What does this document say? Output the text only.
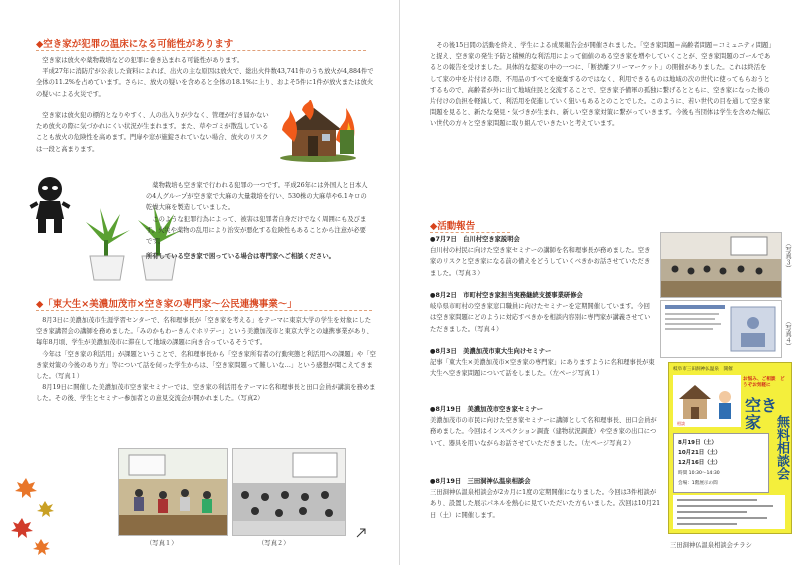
◆空き家が犯罪の温床になる可能性があります

空き家は放火や薬物栽培などの犯罪に巻き込まれる可能性があります。

平成27年に消防庁が公表した資料によれば、出火の主な原因は放火で、総出火件数43,741件のうち放火が4,884件で全体の11.2%を占めています。さらに、放火の疑いを含めると全体の18.1%に上り、およそ5件に1件が放火または放火の疑いによる火災です。

空き家は放火犯の標的となりやすく、人の出入りが少なく、管理が行き届かないため放火の際に気づかれにくい状況が生まれます。また、草やゴミが散乱していることも放火の危険性を高めます。門扉や窓が施錠されていない場合、放火のリスクは一段と高まります。

薬物栽培も空き家で行われる犯罪の一つです。平成26年には外国人と日本人の4人グループが空き家で大麻の大量栽培を行い、530株の大麻草や6.1キロの乾燥大麻を製造していました。

このような犯罪行為によって、被害は犯罪者自身だけでなく周囲にも及びます。火災や薬物の乱用により治安が悪化する危険性もあることから注意が必要です。

所有している空き家で困っている場合は専門家へご相談ください。

◆「東大生×美濃加茂市×空き家の専門家～公民連携事業～」

8月3日に美濃加茂市生涯学習センターで、名和理事長が「空き家を考える」をテーマに東京大学の学生を対象にした空き家講習会の講師を務めました。「みのかもわーきんぐホリデー」という美濃加茂市と東京大学との連携事業があり、毎年8月頃、学生が美濃加茂市に滞在して地域の課題に向き合っているそうです。

今年は「空き家の利活用」が課題ということで、名和理事長から「空き家所有者の行動実態と利活用への課題」や「空き家対策の今後のあり方」等について話を伺った学生からは、「空き家問題って難しいな…」という感想が聞こえてきました。（写真１）

8月19日に開催した美濃加茂市空き家セミナーでは、空き家の利活用をテーマに名和理事長と田口会員が講演を務めました。その後、学生とセミナー参加者との意見交流会が開かれました。（写真2）

（写真１）	（写真２）

その後15日間の活動を終え、学生による成果報告会が開催されました。「空き家問題＝高齢者問題＝コミュニティ問題」と捉え、空き家の発生予防と積極的な利活用によって価値のある空き家を増やしていくことが、空き家問題のゴールであるとの報告を受けました。具体的な提案の中の一つに、「断捨離フリーマーケット」の開催がありました。これは終活をして家の中を片付ける際、不用品のすべてを廃棄するのではなく、利用できるものは地域の次の世代に使ってもらおうとするもので、高齢者が外に出て地域住民と交流することで、空き家予備軍の孤独に繋げるとともに、空き家になった後の片付けの負担を軽減して、利活用を促進していく狙いもあるとのことでした。このように、若い世代の目を通して空き家問題を見ると、新たな発見・気づきが生まれ、新しい空き家対策に繋がっていきます。今後も当団体は学生を含めた幅広い世代の方々と空き家問題に取り組んでいきたいと考えています。

◆活動報告

●7月7日　白川村空き家説明会

白川村の村民に向けた空き家セミナーの講師を名和理事長が務めました。空き家のリスクと空き家になる前の備えをどうしていくべきかお話させていただきました。（写真３）

●8月2日　市町村空き家担当実務継続支援事業研修会

岐阜県市町村の空き家窓口職員に向けたセミナーを定期開催しています。今回は空き家問題にどのように対応すべきかを相談内容別に専門家が講義させていただきました。（写真４）

●8月3日　美濃加茂市東大生向けセミナー

記事「東大生×美濃加茂市×空き家の専門家」にありますように名和理事長が東大生へ空き家問題について話をしました。（左ページ写真１）

●8月19日　美濃加茂市空き家セミナー

美濃加茂市の市民に向けた空き家セミナーに講師として名和理事長、田口会員が務めました。今回はインスペクション調査（建物状況調査）や空き家の出口について、器具を用いながらお話させていただきました。（左ページ写真２）

●8月19日　三田洞神仏温泉相談会

三田洞神仏温泉相談会が2カ月に1度の定期開催になりました。今回は3件相談があり、設置した展示パネルを熱心に見ていただいた方もいました。次回は10月21日（土）に開催します。

（写真３）
（写真４）
三田洞神仏温泉相談会チラシ
岐阜市三田洞神仏温泉　開催
相談
お悩み、ご相談　どうぞお気軽に
空き家 無料相談会
8月19日（土）
10月21日（土）
12月16日（土）
時間 10:30～14:30
会場：1階展示の間
